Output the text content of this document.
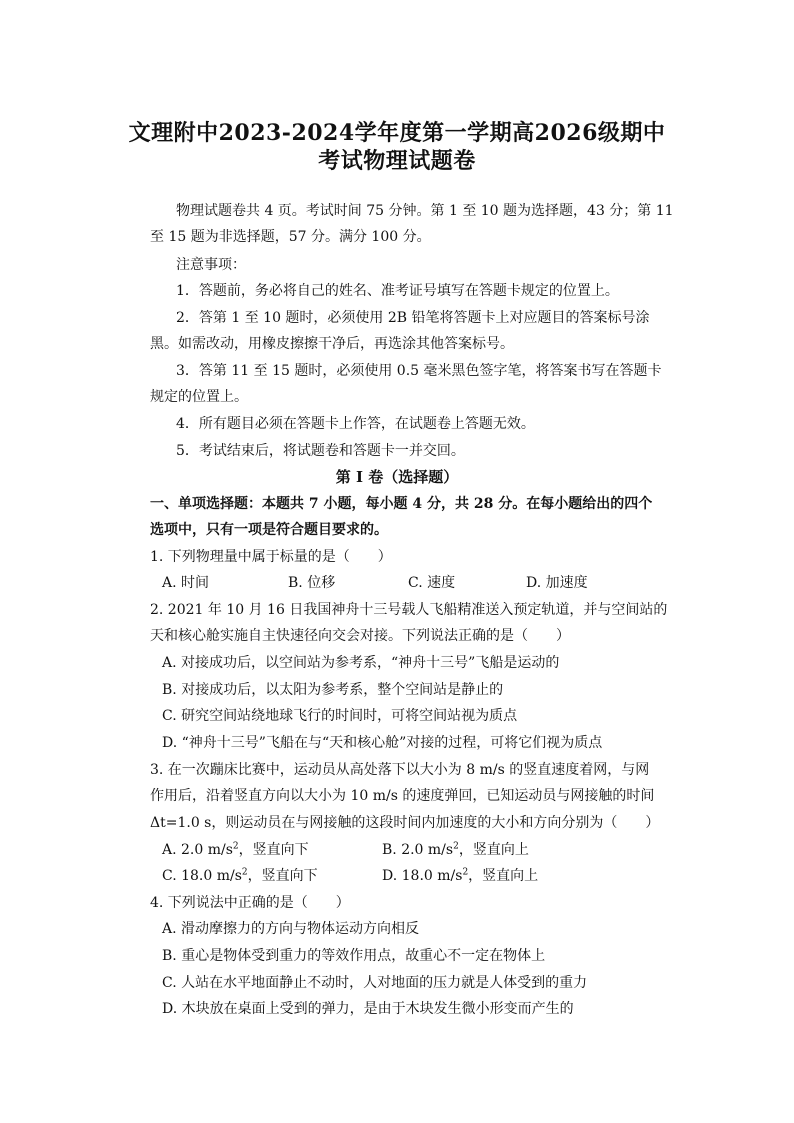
文理附中2023-2024学年度第一学期高2026级期中
考试物理试题卷
物理试题卷共 4 页。考试时间 75 分钟。第 1 至 10 题为选择题，43 分；第 11
至 15 题为非选择题，57 分。满分 100 分。
注意事项：
1．答题前，务必将自己的姓名、准考证号填写在答题卡规定的位置上。
2．答第 1 至 10 题时，必须使用 2B 铅笔将答题卡上对应题目的答案标号涂
黑。如需改动，用橡皮擦擦干净后，再选涂其他答案标号。
3．答第 11 至 15 题时，必须使用 0.5 毫米黑色签字笔，将答案书写在答题卡
规定的位置上。
4．所有题目必须在答题卡上作答，在试题卷上答题无效。
5．考试结束后，将试题卷和答题卡一并交回。
第 I 卷（选择题）
一、单项选择题：本题共 7 小题，每小题 4 分，共 28 分。在每小题给出的四个
选项中，只有一项是符合题目要求的。
1. 下列物理量中属于标量的是（　　）
A. 时间	B. 位移	C. 速度	D. 加速度
2. 2021 年 10 月 16 日我国神舟十三号载人飞船精准送入预定轨道，并与空间站的
天和核心舱实施自主快速径向交会对接。下列说法正确的是（　　）
A. 对接成功后，以空间站为参考系，“神舟十三号”飞船是运动的
B. 对接成功后，以太阳为参考系，整个空间站是静止的
C. 研究空间站绕地球飞行的时间时，可将空间站视为质点
D. “神舟十三号”飞船在与“天和核心舱”对接的过程，可将它们视为质点
3. 在一次蹦床比赛中，运动员从高处落下以大小为 8 m/s 的竖直速度着网，与网
作用后，沿着竖直方向以大小为 10 m/s 的速度弹回，已知运动员与网接触的时间
Δt=1.0 s，则运动员在与网接触的这段时间内加速度的大小和方向分别为（　　）
A. 2.0 $m/s^2$，竖直向下	B. 2.0 $m/s^2$，竖直向上
C. 18.0 $m/s^2$，竖直向下	D. 18.0 $m/s^2$，竖直向上
4. 下列说法中正确的是（　　）
A. 滑动摩擦力的方向与物体运动方向相反
B. 重心是物体受到重力的等效作用点，故重心不一定在物体上
C. 人站在水平地面静止不动时，人对地面的压力就是人体受到的重力
D. 木块放在桌面上受到的弹力，是由于木块发生微小形变而产生的
